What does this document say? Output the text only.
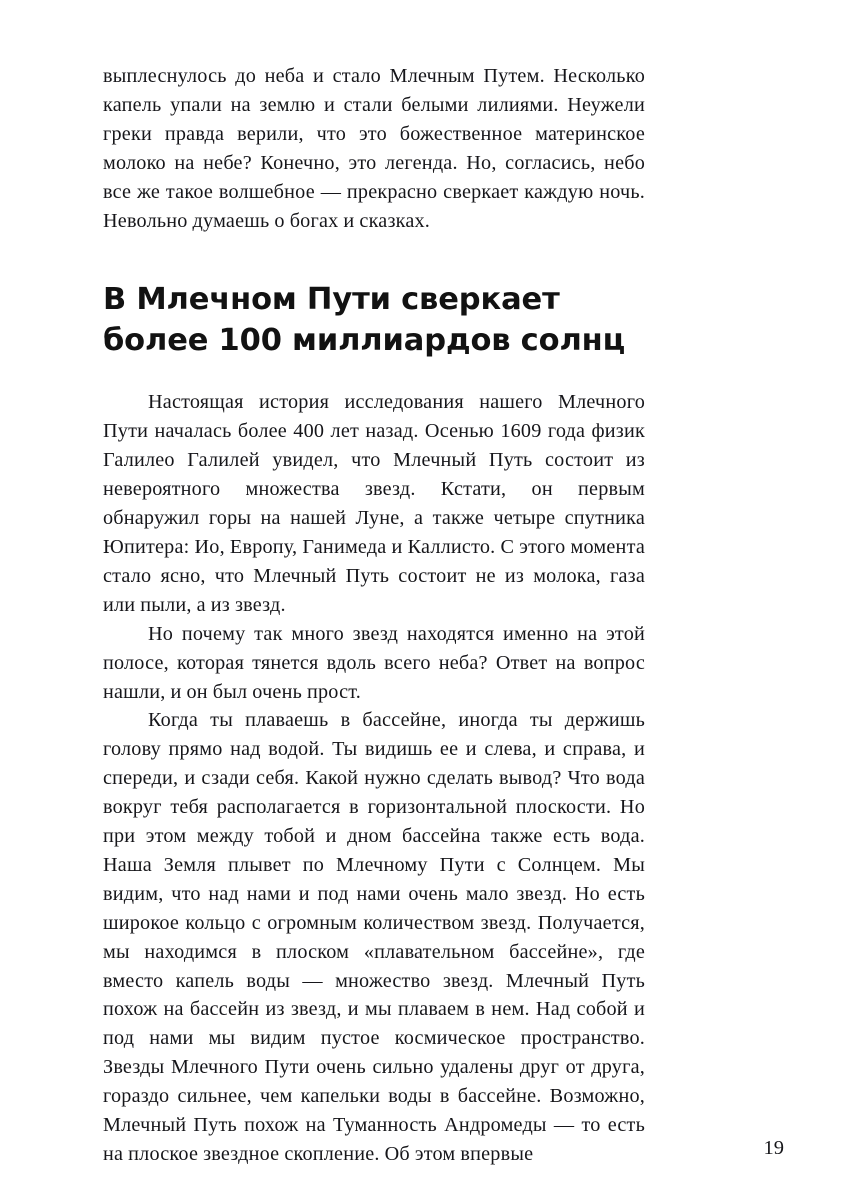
выплеснулось до неба и стало Млечным Путем. Несколько капель упали на землю и стали белыми лилиями. Неужели греки правда верили, что это божественное материнское молоко на небе? Конечно, это легенда. Но, согласись, небо все же такое волшебное — прекрасно сверкает каждую ночь. Невольно думаешь о богах и сказках.

В Млечном Пути сверкает более 100 миллиардов солнц

Настоящая история исследования нашего Млечного Пути началась более 400 лет назад. Осенью 1609 года физик Галилео Галилей увидел, что Млечный Путь состоит из невероятного множества звезд. Кстати, он первым обнаружил горы на нашей Луне, а также четыре спутника Юпитера: Ио, Европу, Ганимеда и Каллисто. С этого момента стало ясно, что Млечный Путь состоит не из молока, газа или пыли, а из звезд.

Но почему так много звезд находятся именно на этой полосе, которая тянется вдоль всего неба? Ответ на вопрос нашли, и он был очень прост.

Когда ты плаваешь в бассейне, иногда ты держишь голову прямо над водой. Ты видишь ее и слева, и справа, и спереди, и сзади себя. Какой нужно сделать вывод? Что вода вокруг тебя располагается в горизонтальной плоскости. Но при этом между тобой и дном бассейна также есть вода. Наша Земля плывет по Млечному Пути с Солнцем. Мы видим, что над нами и под нами очень мало звезд. Но есть широкое кольцо с огромным количеством звезд. Получается, мы находимся в плоском «плавательном бассейне», где вместо капель воды — множество звезд. Млечный Путь похож на бассейн из звезд, и мы плаваем в нем. Над собой и под нами мы видим пустое космическое пространство. Звезды Млечного Пути очень сильно удалены друг от друга, гораздо сильнее, чем капельки воды в бассейне. Возможно, Млечный Путь похож на Туманность Андромеды — то есть на плоское звездное скопление. Об этом впервые	19
